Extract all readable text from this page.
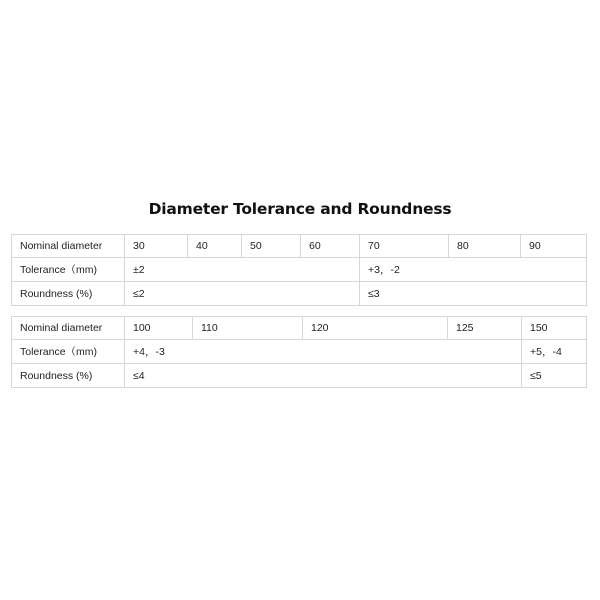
Diameter Tolerance and Roundness
Nominal diameter	30	40	50	60	70	80	90
Tolerance（mm)	±2				+3，-2		
Roundness (%)	≤2				≤3		
Nominal diameter	100	110	120	125	150
Tolerance（mm)	+4，-3				+5，-4
Roundness (%)	≤4				≤5
